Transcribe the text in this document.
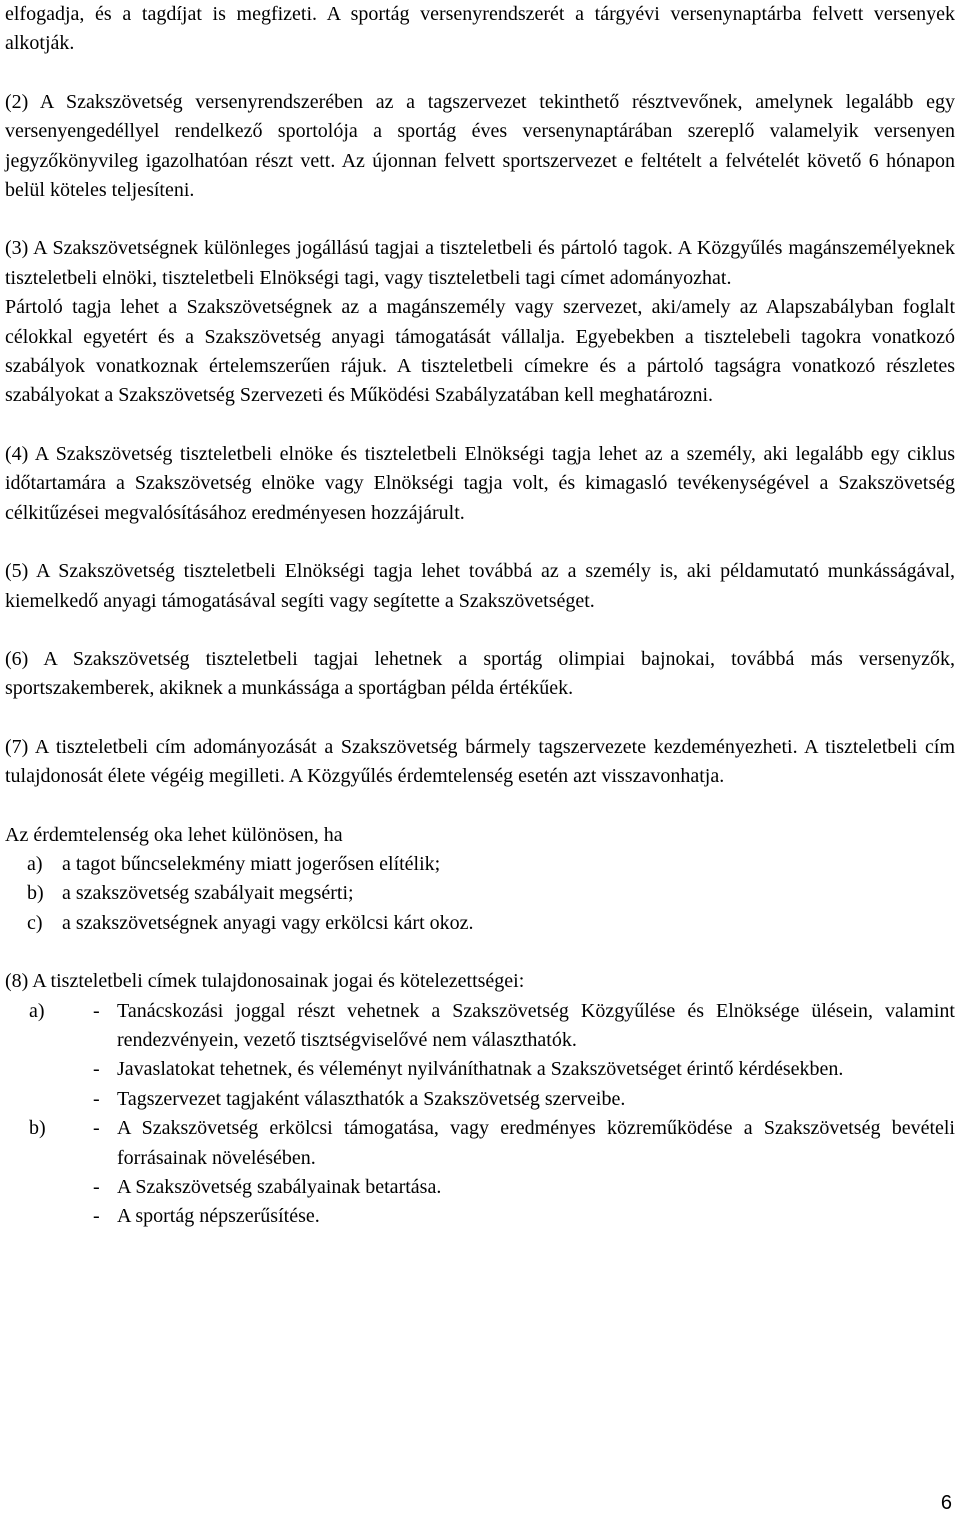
elfogadja, és a tagdíjat is megfizeti. A sportág versenyrendszerét a tárgyévi versenynaptárba felvett versenyek alkotják.

(2) A Szakszövetség versenyrendszerében az a tagszervezet tekinthető résztvevőnek, amelynek legalább egy versenyengedéllyel rendelkező sportolója a sportág éves versenynaptárában szereplő valamelyik versenyen jegyzőkönyvileg igazolhatóan részt vett. Az újonnan felvett sportszervezet e feltételt a felvételét követő 6 hónapon belül köteles teljesíteni.

(3) A Szakszövetségnek különleges jogállású tagjai a tiszteletbeli és pártoló tagok. A Közgyűlés magánszemélyeknek tiszteletbeli elnöki, tiszteletbeli Elnökségi tagi, vagy tiszteletbeli tagi címet adományozhat.

Pártoló tagja lehet a Szakszövetségnek az a magánszemély vagy szervezet, aki/amely az Alapszabályban foglalt célokkal egyetért és a Szakszövetség anyagi támogatását vállalja. Egyebekben a tisztelebeli tagokra vonatkozó szabályok vonatkoznak értelemszerűen rájuk. A tiszteletbeli címekre és a pártoló tagságra vonatkozó részletes szabályokat a Szakszövetség Szervezeti és Működési Szabályzatában kell meghatározni.

(4) A Szakszövetség tiszteletbeli elnöke és tiszteletbeli Elnökségi tagja lehet az a személy, aki legalább egy ciklus időtartamára a Szakszövetség elnöke vagy Elnökségi tagja volt, és kimagasló tevékenységével a Szakszövetség célkitűzései megvalósításához eredményesen hozzájárult.

(5) A Szakszövetség tiszteletbeli Elnökségi tagja lehet továbbá az a személy is, aki példamutató munkásságával, kiemelkedő anyagi támogatásával segíti vagy segítette a Szakszövetséget.

(6) A Szakszövetség tiszteletbeli tagjai lehetnek a sportág olimpiai bajnokai, továbbá más versenyzők, sportszakemberek, akiknek a munkássága a sportágban példa értékűek.

(7) A tiszteletbeli cím adományozását a Szakszövetség bármely tagszervezete kezdeményezheti. A tiszteletbeli cím tulajdonosát élete végéig megilleti. A Közgyűlés érdemtelenség esetén azt visszavonhatja.

Az érdemtelenség oka lehet különösen, ha

a) a tagot bűncselekmény miatt jogerősen elítélik;
b) a szakszövetség szabályait megsérti;
c) a szakszövetségnek anyagi vagy erkölcsi kárt okoz.

(8) A tiszteletbeli címek tulajdonosainak jogai és kötelezettségei:

a) - Tanácskozási joggal részt vehetnek a Szakszövetség Közgyűlése és Elnöksége ülésein, valamint rendezvényein, vezető tisztségviselővé nem választhatók.
- Javaslatokat tehetnek, és véleményt nyilváníthatnak a Szakszövetséget érintő kérdésekben.
- Tagszervezet tagjaként választhatók a Szakszövetség szerveibe.
b) - A Szakszövetség erkölcsi támogatása, vagy eredményes közreműködése a Szakszövetség bevételi forrásainak növelésében.
- A Szakszövetség szabályainak betartása.
- A sportág népszerűsítése.
6
